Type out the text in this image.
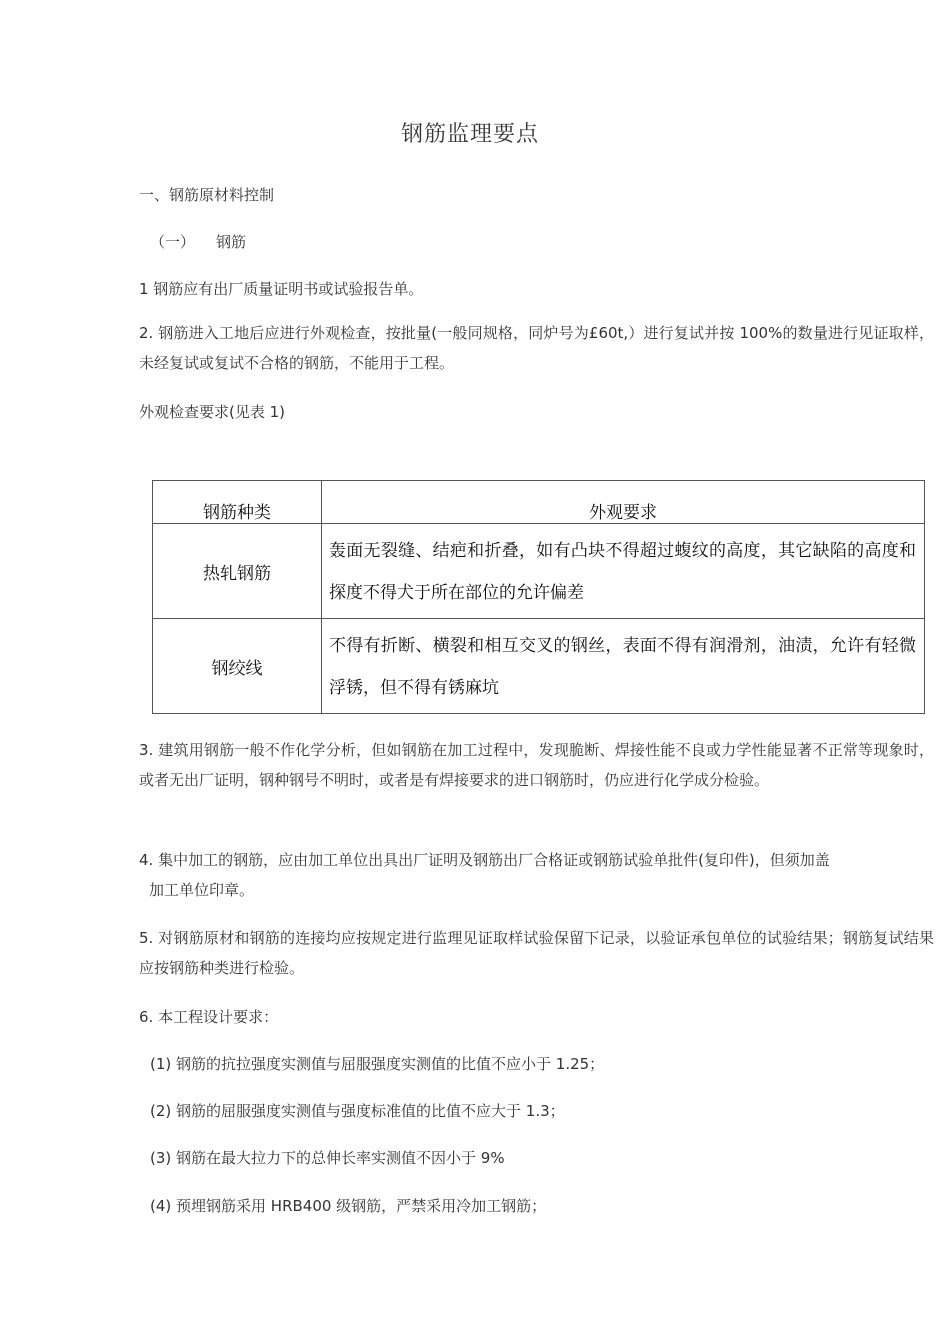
钢筋监理要点
一、钢筋原材料控制
（一） 钢筋
1 钢筋应有出厂质量证明书或试验报告单。
2. 钢筋进入工地后应进行外观检查，按批量(一般同规格，同炉号为£60t,）进行复试并按 100%的数量进行见证取样，未经复试或复试不合格的钢筋，不能用于工程。
外观检查要求(见表 1)
钢筋种类	外观要求
热轧钢筋	轰面无裂缝、结疤和折叠，如有凸块不得超过蝮纹的高度，其它缺陷的高度和探度不得犬于所在部位的允许偏差
钢绞线	不得有折断、横裂和相互交叉的钢丝，表面不得有润滑剂，油渍，允许有轻微浮锈，但不得有锈麻坑
3. 建筑用钢筋一般不作化学分析，但如钢筋在加工过程中，发现脆断、焊接性能不良或力学性能显著不正常等现象时，或者无出厂证明，钢种钢号不明时，或者是有焊接要求的进口钢筋时，仍应进行化学成分检验。
4. 集中加工的钢筋，应由加工单位出具出厂证明及钢筋出厂合格证或钢筋试验单批件(复印件)，但须加盖
加工单位印章。
5. 对钢筋原材和钢筋的连接均应按规定进行监理见证取样试验保留下记录，以验证承包单位的试验结果；钢筋复试结果应按钢筋种类进行检验。
6. 本工程设计要求：
(1) 钢筋的抗拉强度实测值与屈服强度实测值的比值不应小于 1.25；
(2) 钢筋的屈服强度实测值与强度标准值的比值不应大于 1.3；
(3) 钢筋在最大拉力下的总伸长率实测值不因小于 9%
(4) 预埋钢筋采用 HRB400 级钢筋，严禁采用冷加工钢筋；
